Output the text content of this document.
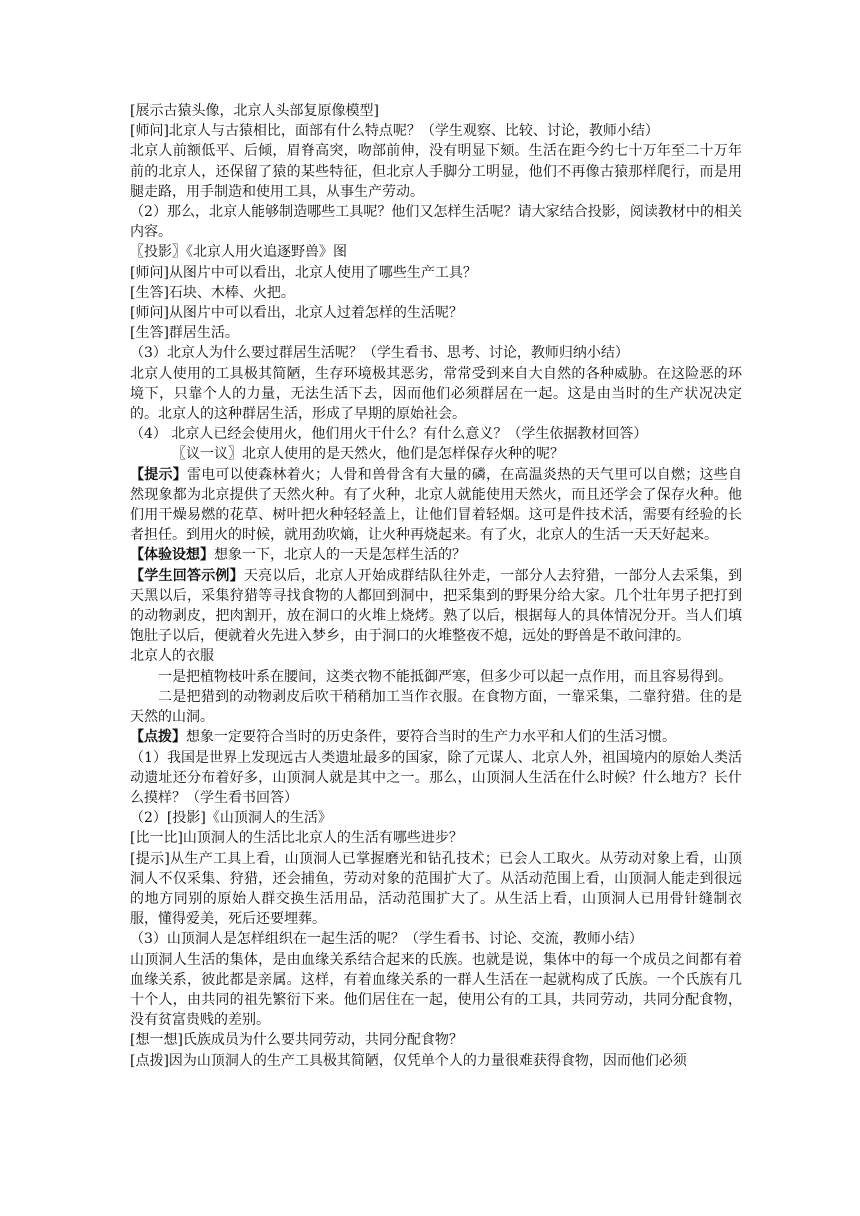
[展示古猿头像，北京人头部复原像模型]

[师问]北京人与古猿相比，面部有什么特点呢？（学生观察、比较、讨论，教师小结）

北京人前额低平、后倾，眉脊高突，吻部前伸，没有明显下颏。生活在距今约七十万年至二十万年前的北京人，还保留了猿的某些特征，但北京人手脚分工明显，他们不再像古猿那样爬行，而是用腿走路，用手制造和使用工具，从事生产劳动。

（2）那么，北京人能够制造哪些工具呢？他们又怎样生活呢？请大家结合投影，阅读教材中的相关内容。

〖投影〗《北京人用火追逐野兽》图

[师问]从图片中可以看出，北京人使用了哪些生产工具？

[生答]石块、木棒、火把。

[师问]从图片中可以看出，北京人过着怎样的生活呢？

[生答]群居生活。

（3）北京人为什么要过群居生活呢？（学生看书、思考、讨论，教师归纳小结）

北京人使用的工具极其简陋，生存环境极其恶劣，常常受到来自大自然的各种威胁。在这险恶的环境下，只靠个人的力量，无法生活下去，因而他们必须群居在一起。这是由当时的生产状况决定的。北京人的这种群居生活，形成了早期的原始社会。

（4） 北京人已经会使用火，他们用火干什么？有什么意义？（学生依据教材回答）

〖议一议〗北京人使用的是天然火，他们是怎样保存火种的呢？

【提示】雷电可以使森林着火；人骨和兽骨含有大量的磷，在高温炎热的天气里可以自燃；这些自然现象都为北京提供了天然火种。有了火种，北京人就能使用天然火，而且还学会了保存火种。他们用干燥易燃的花草、树叶把火种轻轻盖上，让他们冒着轻烟。这可是件技术活，需要有经验的长者担任。到用火的时候，就用劲吹熵，让火种再烧起来。有了火，北京人的生活一天天好起来。

【体验设想】想象一下，北京人的一天是怎样生活的？

【学生回答示例】天亮以后，北京人开始成群结队往外走，一部分人去狩猎，一部分人去采集，到天黑以后，采集狩猎等寻找食物的人都回到洞中，把采集到的野果分给大家。几个壮年男子把打到的动物剥皮，把肉割开，放在洞口的火堆上烧烤。熟了以后，根据每人的具体情况分开。当人们填饱肚子以后，便就着火先进入梦乡，由于洞口的火堆整夜不熄，远处的野兽是不敢问津的。

北京人的衣服

一是把植物枝叶系在腰间，这类衣物不能抵御严寒，但多少可以起一点作用，而且容易得到。

二是把猎到的动物剥皮后吹干稍稍加工当作衣服。在食物方面，一靠采集，二靠狩猎。住的是天然的山洞。

【点拨】想象一定要符合当时的历史条件，要符合当时的生产力水平和人们的生活习惯。

（1）我国是世界上发现远古人类遗址最多的国家，除了元谋人、北京人外，祖国境内的原始人类活动遗址还分布着好多，山顶洞人就是其中之一。那么，山顶洞人生活在什么时候？什么地方？长什么摸样？（学生看书回答）

（2）[投影]《山顶洞人的生活》

[比一比]山顶洞人的生活比北京人的生活有哪些进步？

[提示]从生产工具上看，山顶洞人已掌握磨光和钻孔技术；已会人工取火。从劳动对象上看，山顶洞人不仅采集、狩猎，还会捕鱼，劳动对象的范围扩大了。从活动范围上看，山顶洞人能走到很远的地方同别的原始人群交换生活用品，活动范围扩大了。从生活上看，山顶洞人已用骨针缝制衣服，懂得爱美，死后还要埋葬。

（3）山顶洞人是怎样组织在一起生活的呢？（学生看书、讨论、交流，教师小结）

山顶洞人生活的集体，是由血缘关系结合起来的氏族。也就是说，集体中的每一个成员之间都有着血缘关系，彼此都是亲属。这样，有着血缘关系的一群人生活在一起就构成了氏族。一个氏族有几十个人，由共同的祖先繁衍下来。他们居住在一起，使用公有的工具，共同劳动，共同分配食物，没有贫富贵贱的差别。

[想一想]氏族成员为什么要共同劳动，共同分配食物？

[点拨]因为山顶洞人的生产工具极其简陋，仅凭单个人的力量很难获得食物，因而他们必须
